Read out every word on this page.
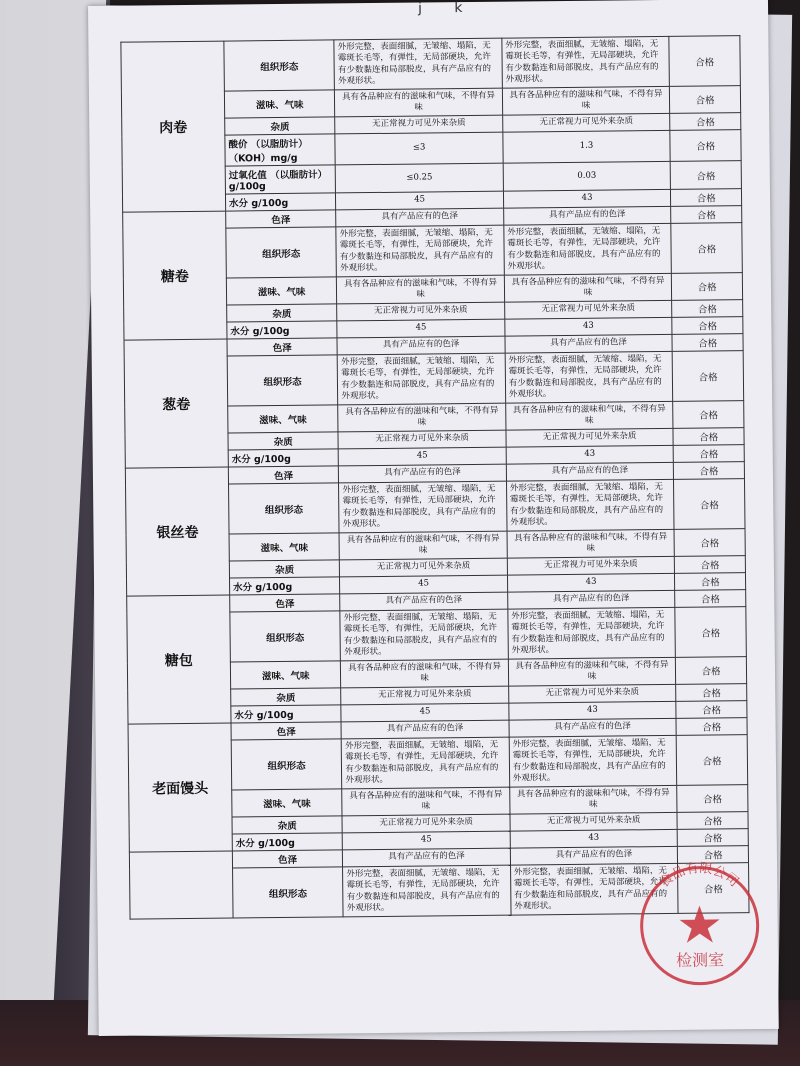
j k
肉卷	组织形态	外形完整，表面细腻，无皱缩、塌陷，无霉斑长毛等，有弹性，无局部硬块，允许有少数黏连和局部脱皮，具有产品应有的外观形状。	外形完整，表面细腻，无皱缩、塌陷，无霉斑长毛等，有弹性，无局部硬块，允许有少数黏连和局部脱皮，具有产品应有的外观形状。	合格
	滋味、气味	具有各品种应有的滋味和气味，不得有异味	具有各品种应有的滋味和气味，不得有异味	合格
	杂质	无正常视力可见外来杂质	无正常视力可见外来杂质	合格
	酸价 （以脂肪计）（KOH）mg/g	≤3	1.3	合格
	过氧化值 （以脂肪计）g/100g	≤0.25	0.03	合格
	水分 g/100g	45	43	合格
糖卷	色泽	具有产品应有的色泽	具有产品应有的色泽	合格
	组织形态	外形完整，表面细腻，无皱缩、塌陷，无霉斑长毛等，有弹性，无局部硬块，允许有少数黏连和局部脱皮，具有产品应有的外观形状。	外形完整，表面细腻，无皱缩、塌陷，无霉斑长毛等，有弹性，无局部硬块，允许有少数黏连和局部脱皮，具有产品应有的外观形状。	合格
	滋味、气味	具有各品种应有的滋味和气味，不得有异味	具有各品种应有的滋味和气味，不得有异味	合格
	杂质	无正常视力可见外来杂质	无正常视力可见外来杂质	合格
	水分 g/100g	45	43	合格
葱卷	色泽	具有产品应有的色泽	具有产品应有的色泽	合格
	组织形态	外形完整，表面细腻，无皱缩、塌陷，无霉斑长毛等，有弹性，无局部硬块，允许有少数黏连和局部脱皮，具有产品应有的外观形状。	外形完整，表面细腻，无皱缩、塌陷，无霉斑长毛等，有弹性，无局部硬块，允许有少数黏连和局部脱皮，具有产品应有的外观形状。	合格
	滋味、气味	具有各品种应有的滋味和气味，不得有异味	具有各品种应有的滋味和气味，不得有异味	合格
	杂质	无正常视力可见外来杂质	无正常视力可见外来杂质	合格
	水分 g/100g	45	43	合格
银丝卷	色泽	具有产品应有的色泽	具有产品应有的色泽	合格
	组织形态	外形完整，表面细腻，无皱缩、塌陷，无霉斑长毛等，有弹性，无局部硬块，允许有少数黏连和局部脱皮，具有产品应有的外观形状。	外形完整，表面细腻，无皱缩、塌陷，无霉斑长毛等，有弹性，无局部硬块，允许有少数黏连和局部脱皮，具有产品应有的外观形状。	合格
	滋味、气味	具有各品种应有的滋味和气味，不得有异味	具有各品种应有的滋味和气味，不得有异味	合格
	杂质	无正常视力可见外来杂质	无正常视力可见外来杂质	合格
	水分 g/100g	45	43	合格
糖包	色泽	具有产品应有的色泽	具有产品应有的色泽	合格
	组织形态	外形完整，表面细腻，无皱缩、塌陷，无霉斑长毛等，有弹性，无局部硬块，允许有少数黏连和局部脱皮，具有产品应有的外观形状。	外形完整，表面细腻，无皱缩、塌陷，无霉斑长毛等，有弹性，无局部硬块，允许有少数黏连和局部脱皮，具有产品应有的外观形状。	合格
	滋味、气味	具有各品种应有的滋味和气味，不得有异味	具有各品种应有的滋味和气味，不得有异味	合格
	杂质	无正常视力可见外来杂质	无正常视力可见外来杂质	合格
	水分 g/100g	45	43	合格
老面馒头	色泽	具有产品应有的色泽	具有产品应有的色泽	合格
	组织形态	外形完整，表面细腻，无皱缩、塌陷，无霉斑长毛等，有弹性，无局部硬块，允许有少数黏连和局部脱皮，具有产品应有的外观形状。	外形完整，表面细腻，无皱缩、塌陷，无霉斑长毛等，有弹性，无局部硬块，允许有少数黏连和局部脱皮，具有产品应有的外观形状。	合格
	滋味、气味	具有各品种应有的滋味和气味，不得有异味	具有各品种应有的滋味和气味，不得有异味	合格
	杂质	无正常视力可见外来杂质	无正常视力可见外来杂质	合格
	水分 g/100g	45	43	合格
	色泽	具有产品应有的色泽	具有产品应有的色泽	合格
	组织形态	外形完整，表面细腻，无皱缩、塌陷，无霉斑长毛等，有弹性，无局部硬块，允许有少数黏连和局部脱皮，具有产品应有的外观形状。	外形完整，表面细腻，无皱缩、塌陷，无霉斑长毛等，有弹性，无局部硬块，允许有少数黏连和局部脱皮，具有产品应有的外观形状。	合格
食品有限公司
检测室
